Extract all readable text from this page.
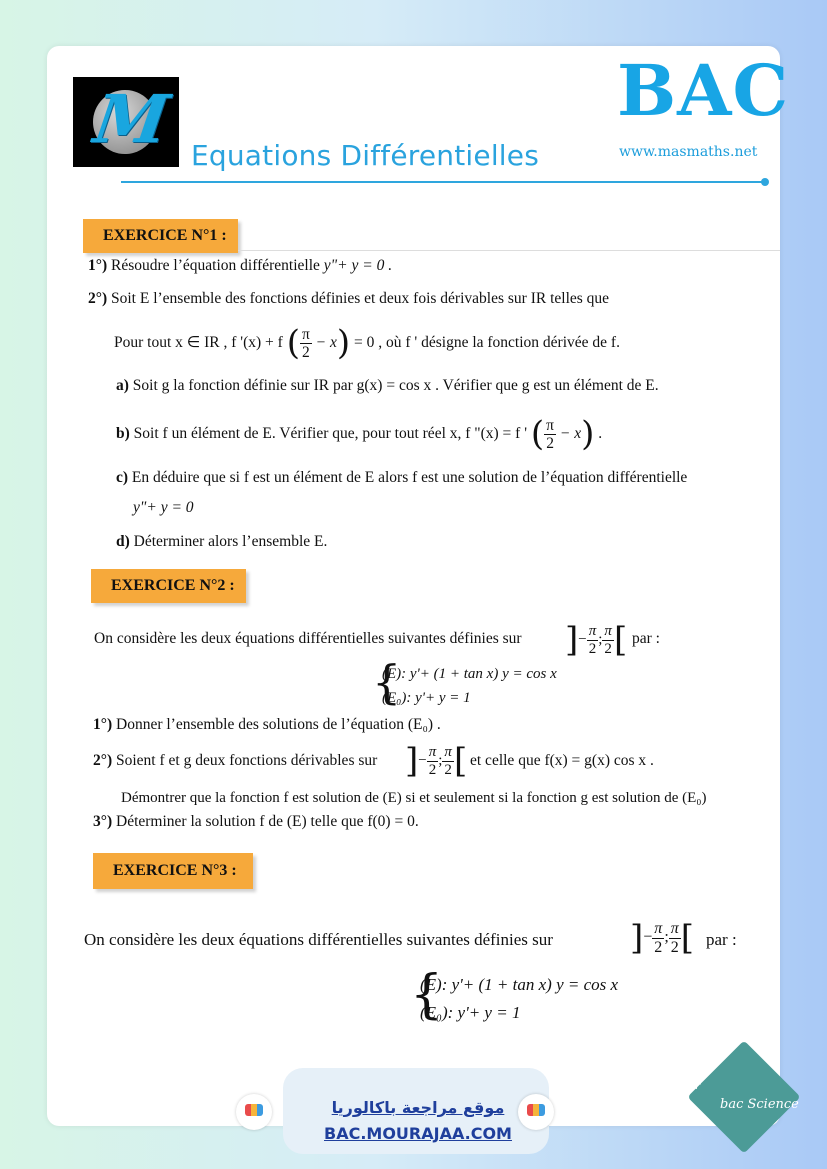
M Equations Différentielles
BAC
www.masmaths.net
EXERCICE N°1 :
1°) Résoudre l’équation différentielle y"+ y = 0 .
2°) Soit E l’ensemble des fonctions définies et deux fois dérivables sur IR telles que
Pour tout x ∈ IR , f '(x) + f ( $\frac{\pi}{2} - x) = 0$ , où f ' désigne la fonction dérivée de f.
a) Soit g la fonction définie sur IR par g(x) = cos x . Vérifier que g est un élément de E.
b) Soit f un élément de E. Vérifier que, pour tout réel x, f "(x) = f ' ( $\frac{\pi}{2} - x$) .
c) En déduire que si f est un élément de E alors f est une solution de l’équation différentielle
y"+ y = 0
d) Déterminer alors l’ensemble E.
EXERCICE N°2 :
On considère les deux équations différentielles suivantes définies sur ]− $\frac{\pi}{2}$ ; $\frac{\pi}{2}$ [ par :
{
(E): y'+ (1 + tan x) y = cos x
(E₀): y'+ y = 1
1°) Donner l’ensemble des solutions de l’équation (E₀) .
2°) Soient f et g deux fonctions dérivables sur ]− $\frac{\pi}{2}$ ; $\frac{\pi}{2}$ [ et celle que f(x) = g(x) cos x .
Démontrer que la fonction f est solution de (E) si et seulement si la fonction g est solution de (E₀)
3°) Déterminer la solution f de (E) telle que f(0) = 0.
EXERCICE N°3 :
On considère les deux équations différentielles suivantes définies sur ]− $\frac{\pi}{2}$ ; $\frac{\pi}{2}$ [ par :
{
(E): y'+ (1 + tan x) y = cos x
(E₀): y'+ y = 1
موقع مراجعة باكالوريا
BAC.MOURAJAA.COM
br
bac Science
